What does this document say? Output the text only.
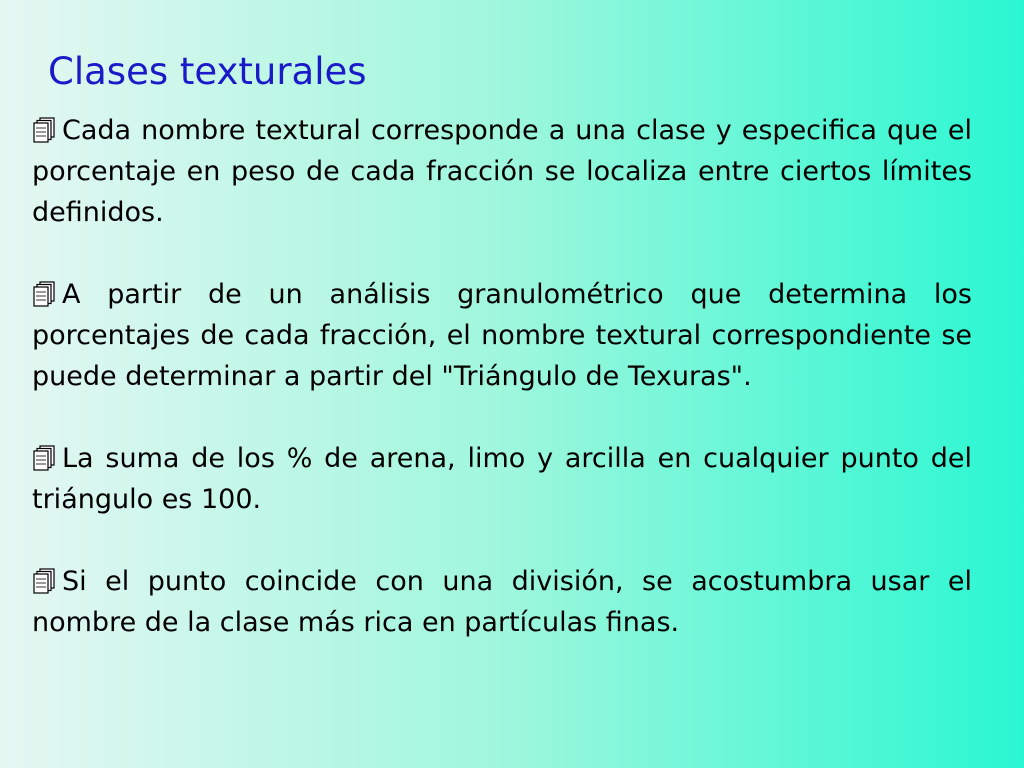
Clases texturales
Cada nombre textural corresponde a una clase y especifica que el porcentaje en peso de cada fracción se localiza entre ciertos límites definidos.
A partir de un análisis granulométrico que determina los porcentajes de cada fracción, el nombre textural correspondiente se puede determinar a partir del "Triángulo de Texuras".
La suma de los % de arena, limo y arcilla en cualquier punto del triángulo es 100.
Si el punto coincide con una división, se acostumbra usar el nombre de la clase más rica en partículas finas.
